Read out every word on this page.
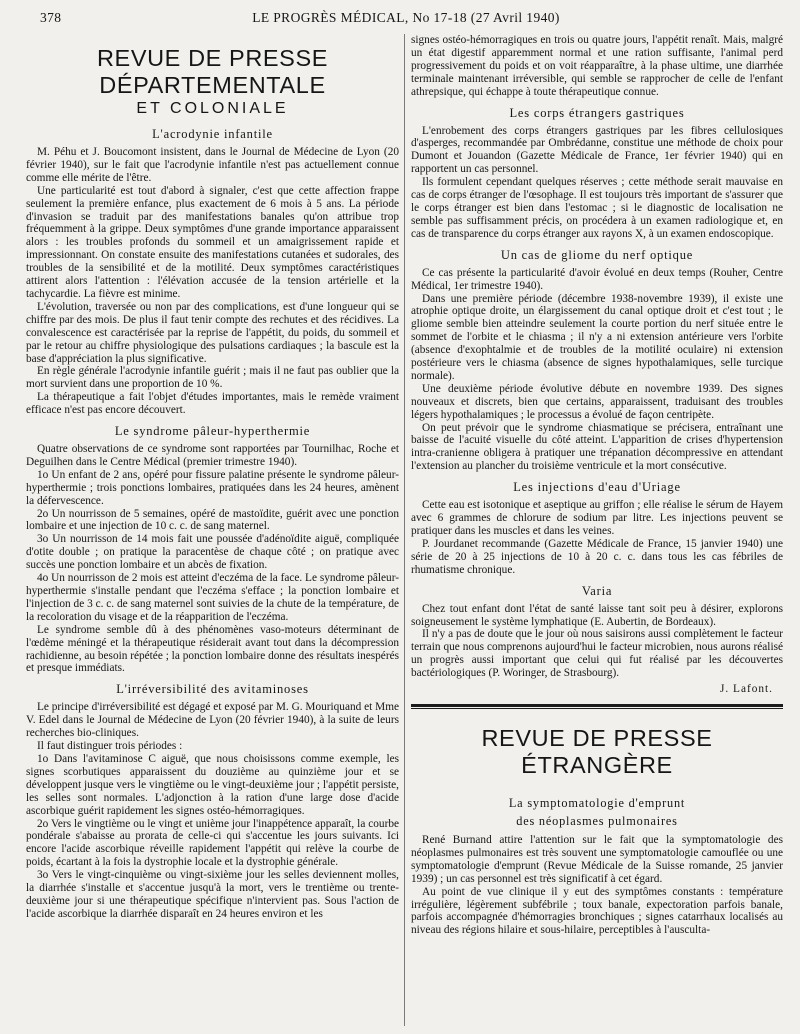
378	LE PROGRÈS MÉDICAL, No 17-18 (27 Avril 1940)
REVUE DE PRESSE DÉPARTEMENTALE
ET COLONIALE
L'acrodynie infantile

M. Péhu et J. Boucomont insistent, dans le Journal de Médecine de Lyon (20 février 1940), sur le fait que l'acrodynie infantile n'est pas actuellement connue comme elle mérite de l'être.

Une particularité est tout d'abord à signaler, c'est que cette affection frappe seulement la première enfance, plus exactement de 6 mois à 5 ans. La période d'invasion se traduit par des manifestations banales qu'on attribue trop fréquemment à la grippe. Deux symptômes d'une grande importance apparaissent alors : les troubles profonds du sommeil et un amaigrissement rapide et impressionnant. On constate ensuite des manifestations cutanées et sudorales, des troubles de la sensibilité et de la motilité. Deux symptômes caractéristiques attirent alors l'attention : l'élévation accusée de la tension artérielle et la tachycardie. La fièvre est minime.

L'évolution, traversée ou non par des complications, est d'une longueur qui se chiffre par des mois. De plus il faut tenir compte des rechutes et des récidives. La convalescence est caractérisée par la reprise de l'appétit, du poids, du sommeil et par le retour au chiffre physiologique des pulsations cardiaques ; la bascule est la base d'appréciation la plus significative.

En règle générale l'acrodynie infantile guérit ; mais il ne faut pas oublier que la mort survient dans une proportion de 10 %.

La thérapeutique a fait l'objet d'études importantes, mais le remède vraiment efficace n'est pas encore découvert.

Le syndrome pâleur-hyperthermie

Quatre observations de ce syndrome sont rapportées par Tournilhac, Roche et Deguilhen dans le Centre Médical (premier trimestre 1940).

1o Un enfant de 2 ans, opéré pour fissure palatine présente le syndrome pâleur-hyperthermie ; trois ponctions lombaires, pratiquées dans les 24 heures, amènent la défervescence.

2o Un nourrisson de 5 semaines, opéré de mastoïdite, guérit avec une ponction lombaire et une injection de 10 c. c. de sang maternel.

3o Un nourrisson de 14 mois fait une poussée d'adénoïdite aiguë, compliquée d'otite double ; on pratique la paracentèse de chaque côté ; on pratique avec succès une ponction lombaire et un abcès de fixation.

4o Un nourrisson de 2 mois est atteint d'eczéma de la face. Le syndrome pâleur-hyperthermie s'installe pendant que l'eczéma s'efface ; la ponction lombaire et l'injection de 3 c. c. de sang maternel sont suivies de la chute de la température, de la recoloration du visage et de la réapparition de l'eczéma.

Le syndrome semble dû à des phénomènes vaso-moteurs déterminant de l'œdème méningé et la thérapeutique résiderait avant tout dans la décompression rachidienne, au besoin répétée ; la ponction lombaire donne des résultats inespérés et presque immédiats.

L'irréversibilité des avitaminoses

Le principe d'irréversibilité est dégagé et exposé par M. G. Mouriquand et Mme V. Edel dans le Journal de Médecine de Lyon (20 février 1940), à la suite de leurs recherches bio-cliniques.

Il faut distinguer trois périodes :

1o Dans l'avitaminose C aiguë, que nous choisissons comme exemple, les signes scorbutiques apparaissent du douzième au quinzième jour et se développent jusque vers le vingtième ou le vingt-deuxième jour ; l'appétit persiste, les selles sont normales. L'adjonction à la ration d'une large dose d'acide ascorbique guérit rapidement les signes ostéo-hémorragiques.

2o Vers le vingtième ou le vingt et unième jour l'inappétence apparaît, la courbe pondérale s'abaisse au prorata de celle-ci qui s'accentue les jours suivants. Ici encore l'acide ascorbique réveille rapidement l'appétit qui relève la courbe de poids, écartant à la fois la dystrophie locale et la dystrophie générale.

3o Vers le vingt-cinquième ou vingt-sixième jour les selles deviennent molles, la diarrhée s'installe et s'accentue jusqu'à la mort, vers le trentième ou trente-deuxième jour si une thérapeutique spécifique n'intervient pas. Sous l'action de l'acide ascorbique la diarrhée disparaît en 24 heures environ et les

signes ostéo-hémorragiques en trois ou quatre jours, l'appétit renaît. Mais, malgré un état digestif apparemment normal et une ration suffisante, l'animal perd progressivement du poids et on voit réapparaître, à la phase ultime, une diarrhée terminale maintenant irréversible, qui semble se rapprocher de celle de l'enfant athrepsique, qui échappe à toute thérapeutique connue.

Les corps étrangers gastriques

L'enrobement des corps étrangers gastriques par les fibres cellulosiques d'asperges, recommandée par Ombrédanne, constitue une méthode de choix pour Dumont et Jouandon (Gazette Médicale de France, 1er février 1940) qui en rapportent un cas personnel.

Ils formulent cependant quelques réserves ; cette méthode serait mauvaise en cas de corps étranger de l'œsophage. Il est toujours très important de s'assurer que le corps étranger est bien dans l'estomac ; si le diagnostic de localisation ne semble pas suffisamment précis, on procédera à un examen radiologique et, en cas de transparence du corps étranger aux rayons X, à un examen endoscopique.

Un cas de gliome du nerf optique

Ce cas présente la particularité d'avoir évolué en deux temps (Rouher, Centre Médical, 1er trimestre 1940).

Dans une première période (décembre 1938-novembre 1939), il existe une atrophie optique droite, un élargissement du canal optique droit et c'est tout ; le gliome semble bien atteindre seulement la courte portion du nerf située entre le sommet de l'orbite et le chiasma ; il n'y a ni extension antérieure vers l'orbite (absence d'exophtalmie et de troubles de la motilité oculaire) ni extension postérieure vers le chiasma (absence de signes hypothalamiques, selle turcique normale).

Une deuxième période évolutive débute en novembre 1939. Des signes nouveaux et discrets, bien que certains, apparaissent, traduisant des troubles légers hypothalamiques ; le processus a évolué de façon centripète.

On peut prévoir que le syndrome chiasmatique se précisera, entraînant une baisse de l'acuité visuelle du côté atteint. L'apparition de crises d'hypertension intra-cranienne obligera à pratiquer une trépanation décompressive en attendant l'extension au plancher du troisième ventricule et la mort consécutive.

Les injections d'eau d'Uriage

Cette eau est isotonique et aseptique au griffon ; elle réalise le sérum de Hayem avec 6 grammes de chlorure de sodium par litre. Les injections peuvent se pratiquer dans les muscles et dans les veines.

P. Jourdanet recommande (Gazette Médicale de France, 15 janvier 1940) une série de 20 à 25 injections de 10 à 20 c. c. dans tous les cas fébriles de rhumatisme chronique.

Varia

Chez tout enfant dont l'état de santé laisse tant soit peu à désirer, explorons soigneusement le système lymphatique (E. Aubertin, de Bordeaux).

Il n'y a pas de doute que le jour où nous saisirons aussi complètement le facteur terrain que nous comprenons aujourd'hui le facteur microbien, nous aurons réalisé un progrès aussi important que celui qui fut réalisé par les découvertes bactériologiques (P. Woringer, de Strasbourg).

J. Lafont.
REVUE DE PRESSE ÉTRANGÈRE
La symptomatologie d'emprunt
des néoplasmes pulmonaires

René Burnand attire l'attention sur le fait que la symptomatologie des néoplasmes pulmonaires est très souvent une symptomatologie camouflée ou une symptomatologie d'emprunt (Revue Médicale de la Suisse romande, 25 janvier 1939) ; un cas personnel est très significatif à cet égard.

Au point de vue clinique il y eut des symptômes constants : température irrégulière, légèrement subfébrile ; toux banale, expectoration parfois banale, parfois accompagnée d'hémorragies bronchiques ; signes catarrhaux localisés au niveau des régions hilaire et sous-hilaire, perceptibles à l'ausculta-
